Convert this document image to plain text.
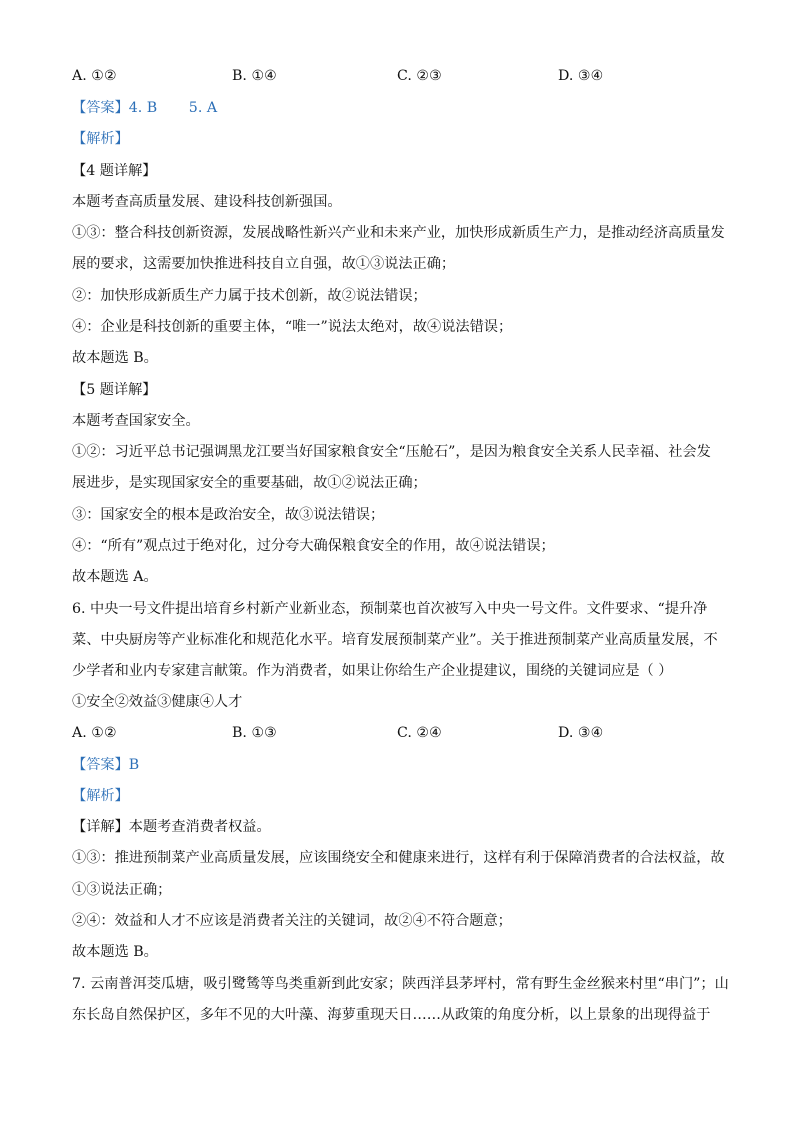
A. ①②	B. ①④	C. ②③	D. ③④
【答案】4. B       5. A
【解析】
【4 题详解】
本题考查高质量发展、建设科技创新强国。
①③：整合科技创新资源，发展战略性新兴产业和未来产业，加快形成新质生产力，是推动经济高质量发
展的要求，这需要加快推进科技自立自强，故①③说法正确；
②：加快形成新质生产力属于技术创新，故②说法错误；
④：企业是科技创新的重要主体，“唯一”说法太绝对，故④说法错误；
故本题选 B。
【5 题详解】
本题考查国家安全。
①②：习近平总书记强调黑龙江要当好国家粮食安全“压舱石”，是因为粮食安全关系人民幸福、社会发
展进步，是实现国家安全的重要基础，故①②说法正确；
③：国家安全的根本是政治安全，故③说法错误；
④：“所有”观点过于绝对化，过分夸大确保粮食安全的作用，故④说法错误；
故本题选 A。
6. 中央一号文件提出培育乡村新产业新业态，预制菜也首次被写入中央一号文件。文件要求、“提升净
菜、中央厨房等产业标准化和规范化水平。培育发展预制菜产业”。关于推进预制菜产业高质量发展，不
少学者和业内专家建言献策。作为消费者，如果让你给生产企业提建议，围绕的关键词应是（ ）
①安全②效益③健康④人才
A. ①②	B. ①③	C. ②④	D. ③④
【答案】B
【解析】
【详解】本题考查消费者权益。
①③：推进预制菜产业高质量发展，应该围绕安全和健康来进行，这样有利于保障消费者的合法权益，故
①③说法正确；
②④：效益和人才不应该是消费者关注的关键词，故②④不符合题意；
故本题选 B。
7. 云南普洱茭瓜塘，吸引鹭鸶等鸟类重新到此安家；陕西洋县茅坪村，常有野生金丝猴来村里“串门”；山
东长岛自然保护区，多年不见的大叶藻、海萝重现天日……从政策的角度分析，以上景象的出现得益于
